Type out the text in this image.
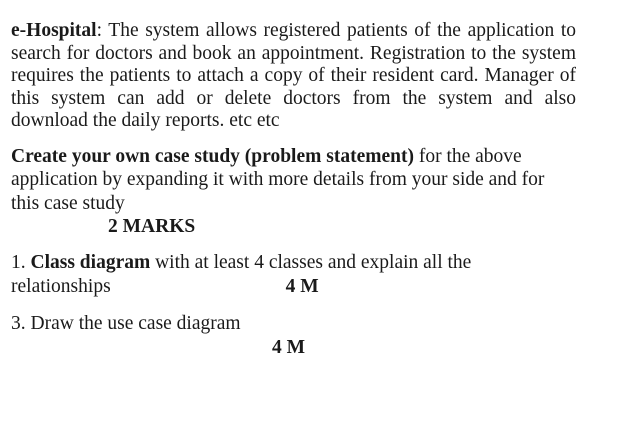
e-Hospital: The system allows registered patients of the application to search for doctors and book an appointment. Registration to the system requires the patients to attach a copy of their resident card. Manager of this system can add or delete doctors from the system and also download the daily reports. etc etc

Create your own case study (problem statement) for the above application by expanding it with more details from your side and for this case study
2 MARKS
1. Class diagram with at least 4 classes and explain all the
relationships	4 M
3. Draw the use case diagram
4 M
